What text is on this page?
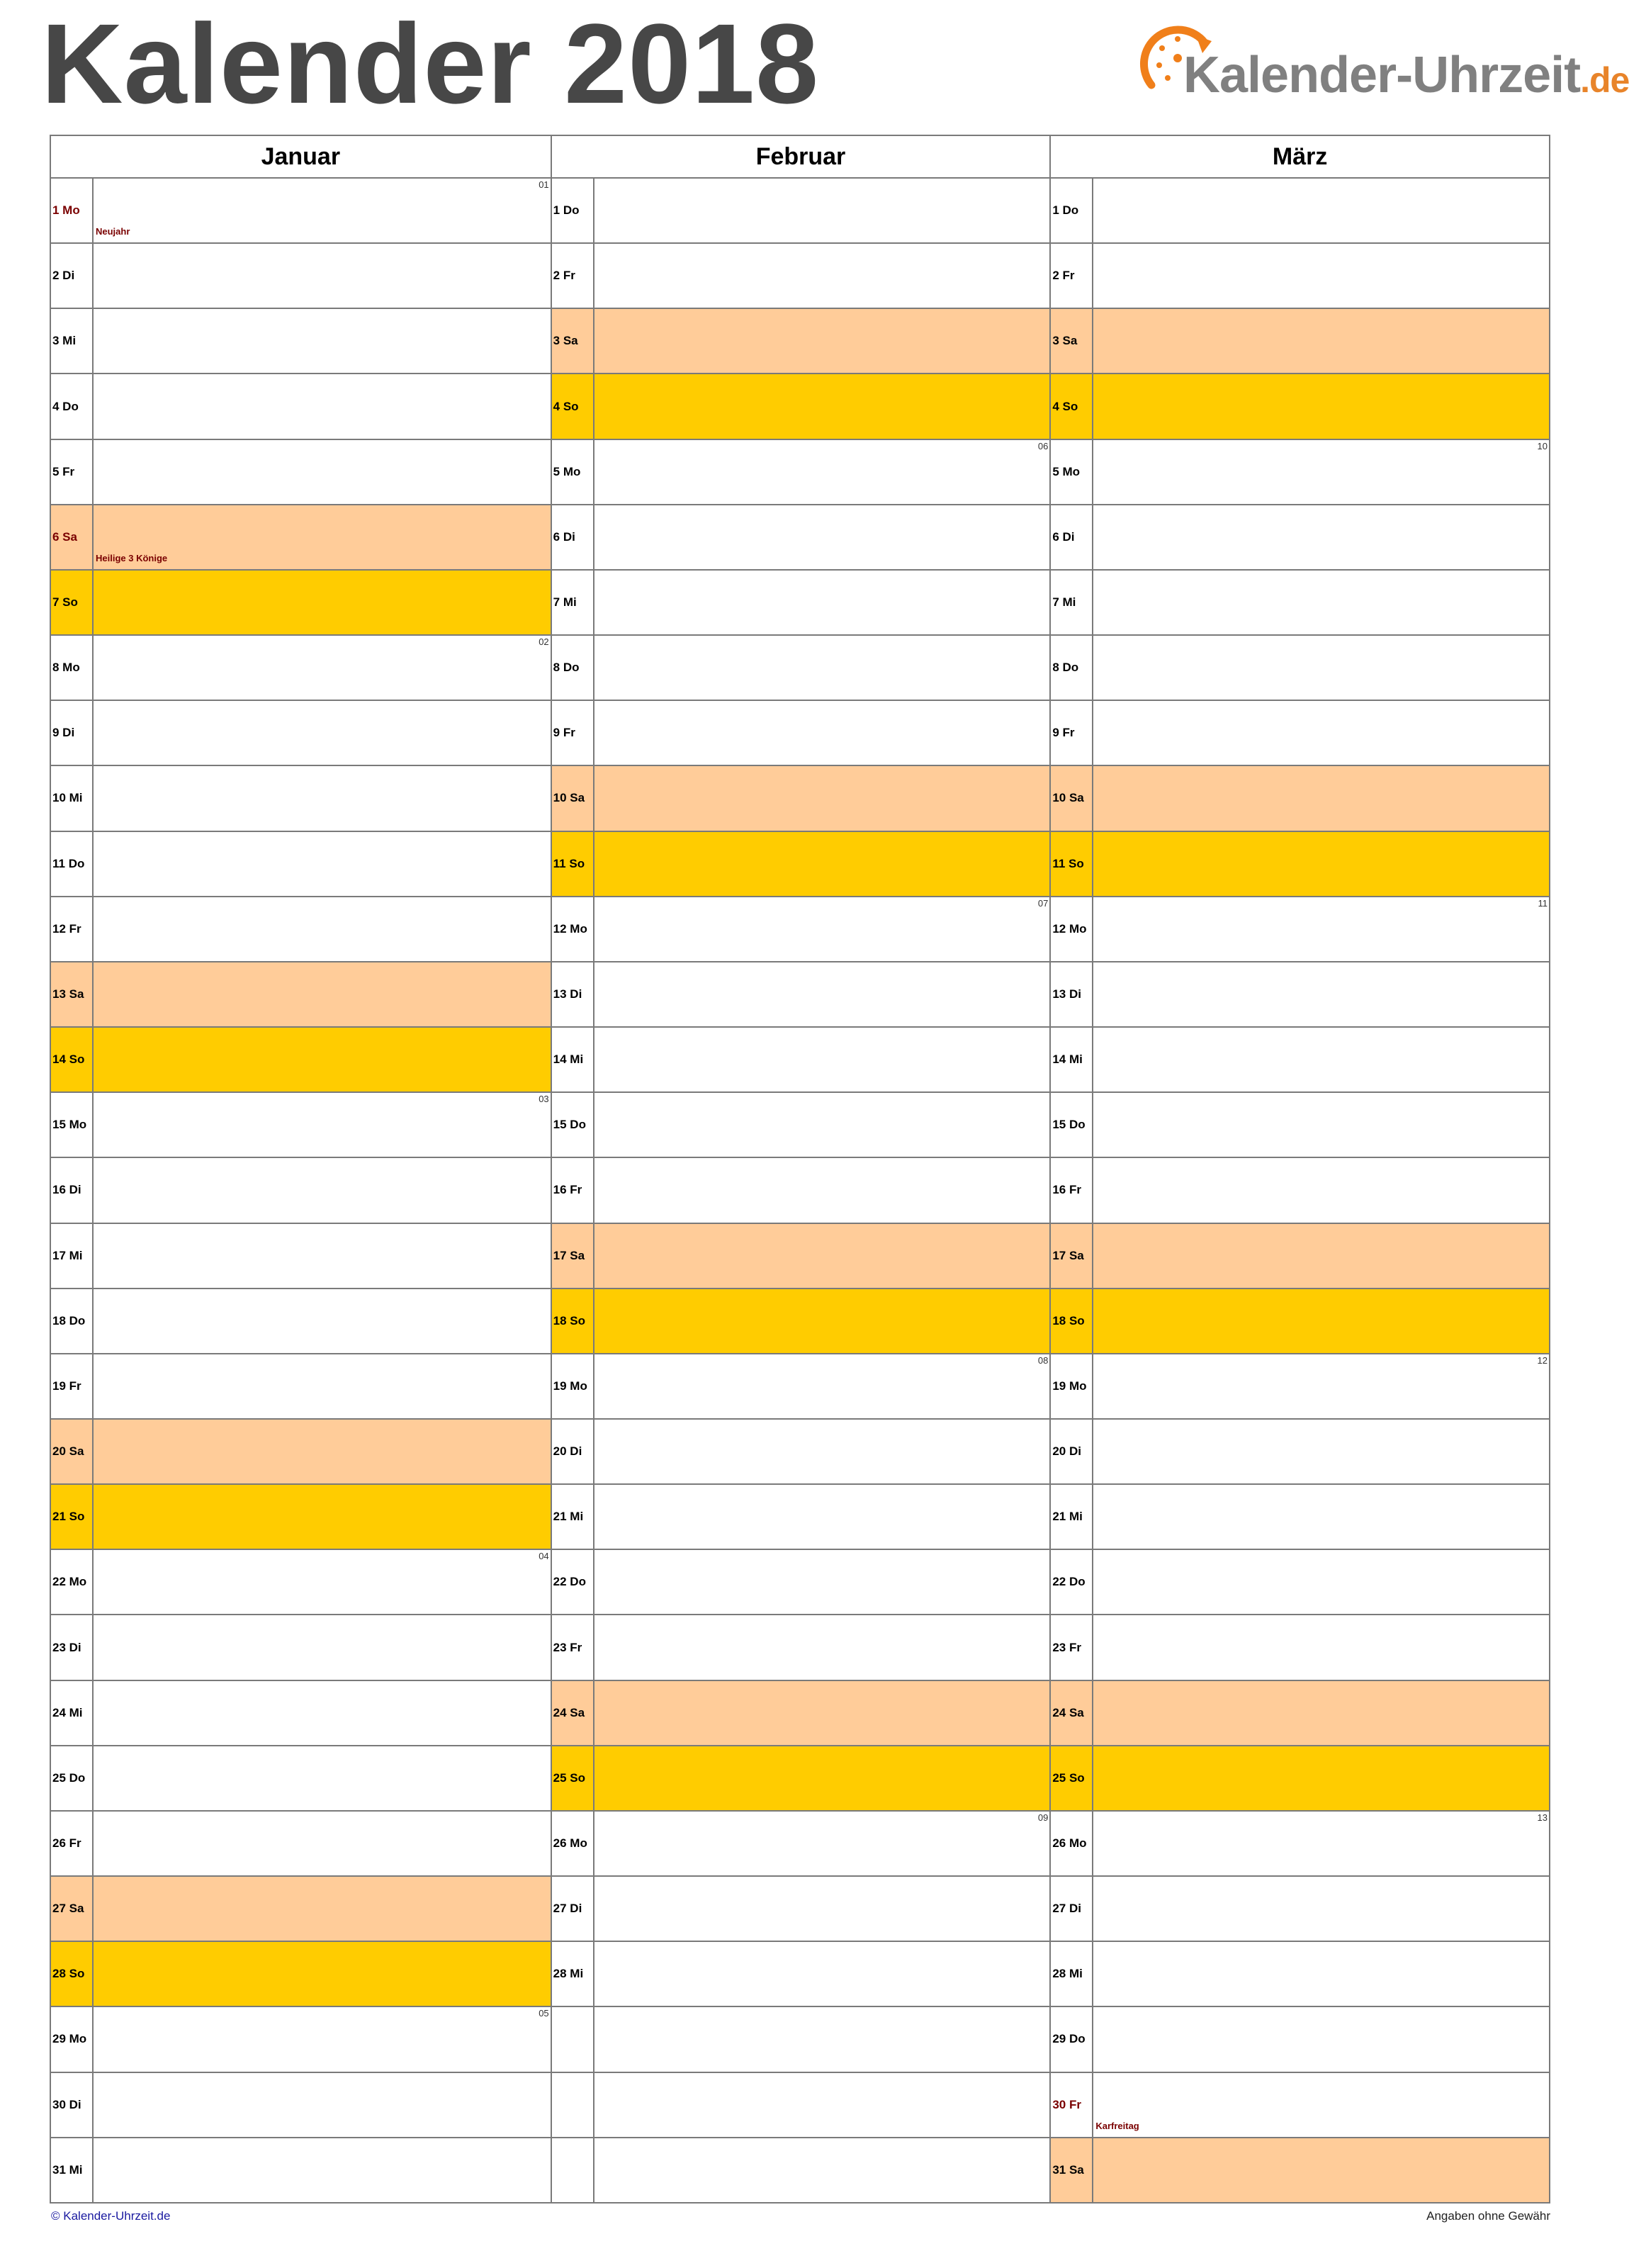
Kalender 2018	Kalender-Uhrzeit.de
Januar
1 Mo
01
Neujahr
2 Di
3 Mi
4 Do
5 Fr
6 Sa
Heilige 3 Könige
7 So
8 Mo
02
9 Di
10 Mi
11 Do
12 Fr
13 Sa
14 So
15 Mo
03
16 Di
17 Mi
18 Do
19 Fr
20 Sa
21 So
22 Mo
04
23 Di
24 Mi
25 Do
26 Fr
27 Sa
28 So
29 Mo
05
30 Di
31 Mi
Februar
1 Do
2 Fr
3 Sa
4 So
5 Mo
06
6 Di
7 Mi
8 Do
9 Fr
10 Sa
11 So
12 Mo
07
13 Di
14 Mi
15 Do
16 Fr
17 Sa
18 So
19 Mo
08
20 Di
21 Mi
22 Do
23 Fr
24 Sa
25 So
26 Mo
09
27 Di
28 Mi
März
1 Do
2 Fr
3 Sa
4 So
5 Mo
10
6 Di
7 Mi
8 Do
9 Fr
10 Sa
11 So
12 Mo
11
13 Di
14 Mi
15 Do
16 Fr
17 Sa
18 So
19 Mo
12
20 Di
21 Mi
22 Do
23 Fr
24 Sa
25 So
26 Mo
13
27 Di
28 Mi
29 Do
30 Fr
Karfreitag
31 Sa
© Kalender-Uhrzeit.de	Angaben ohne Gewähr
